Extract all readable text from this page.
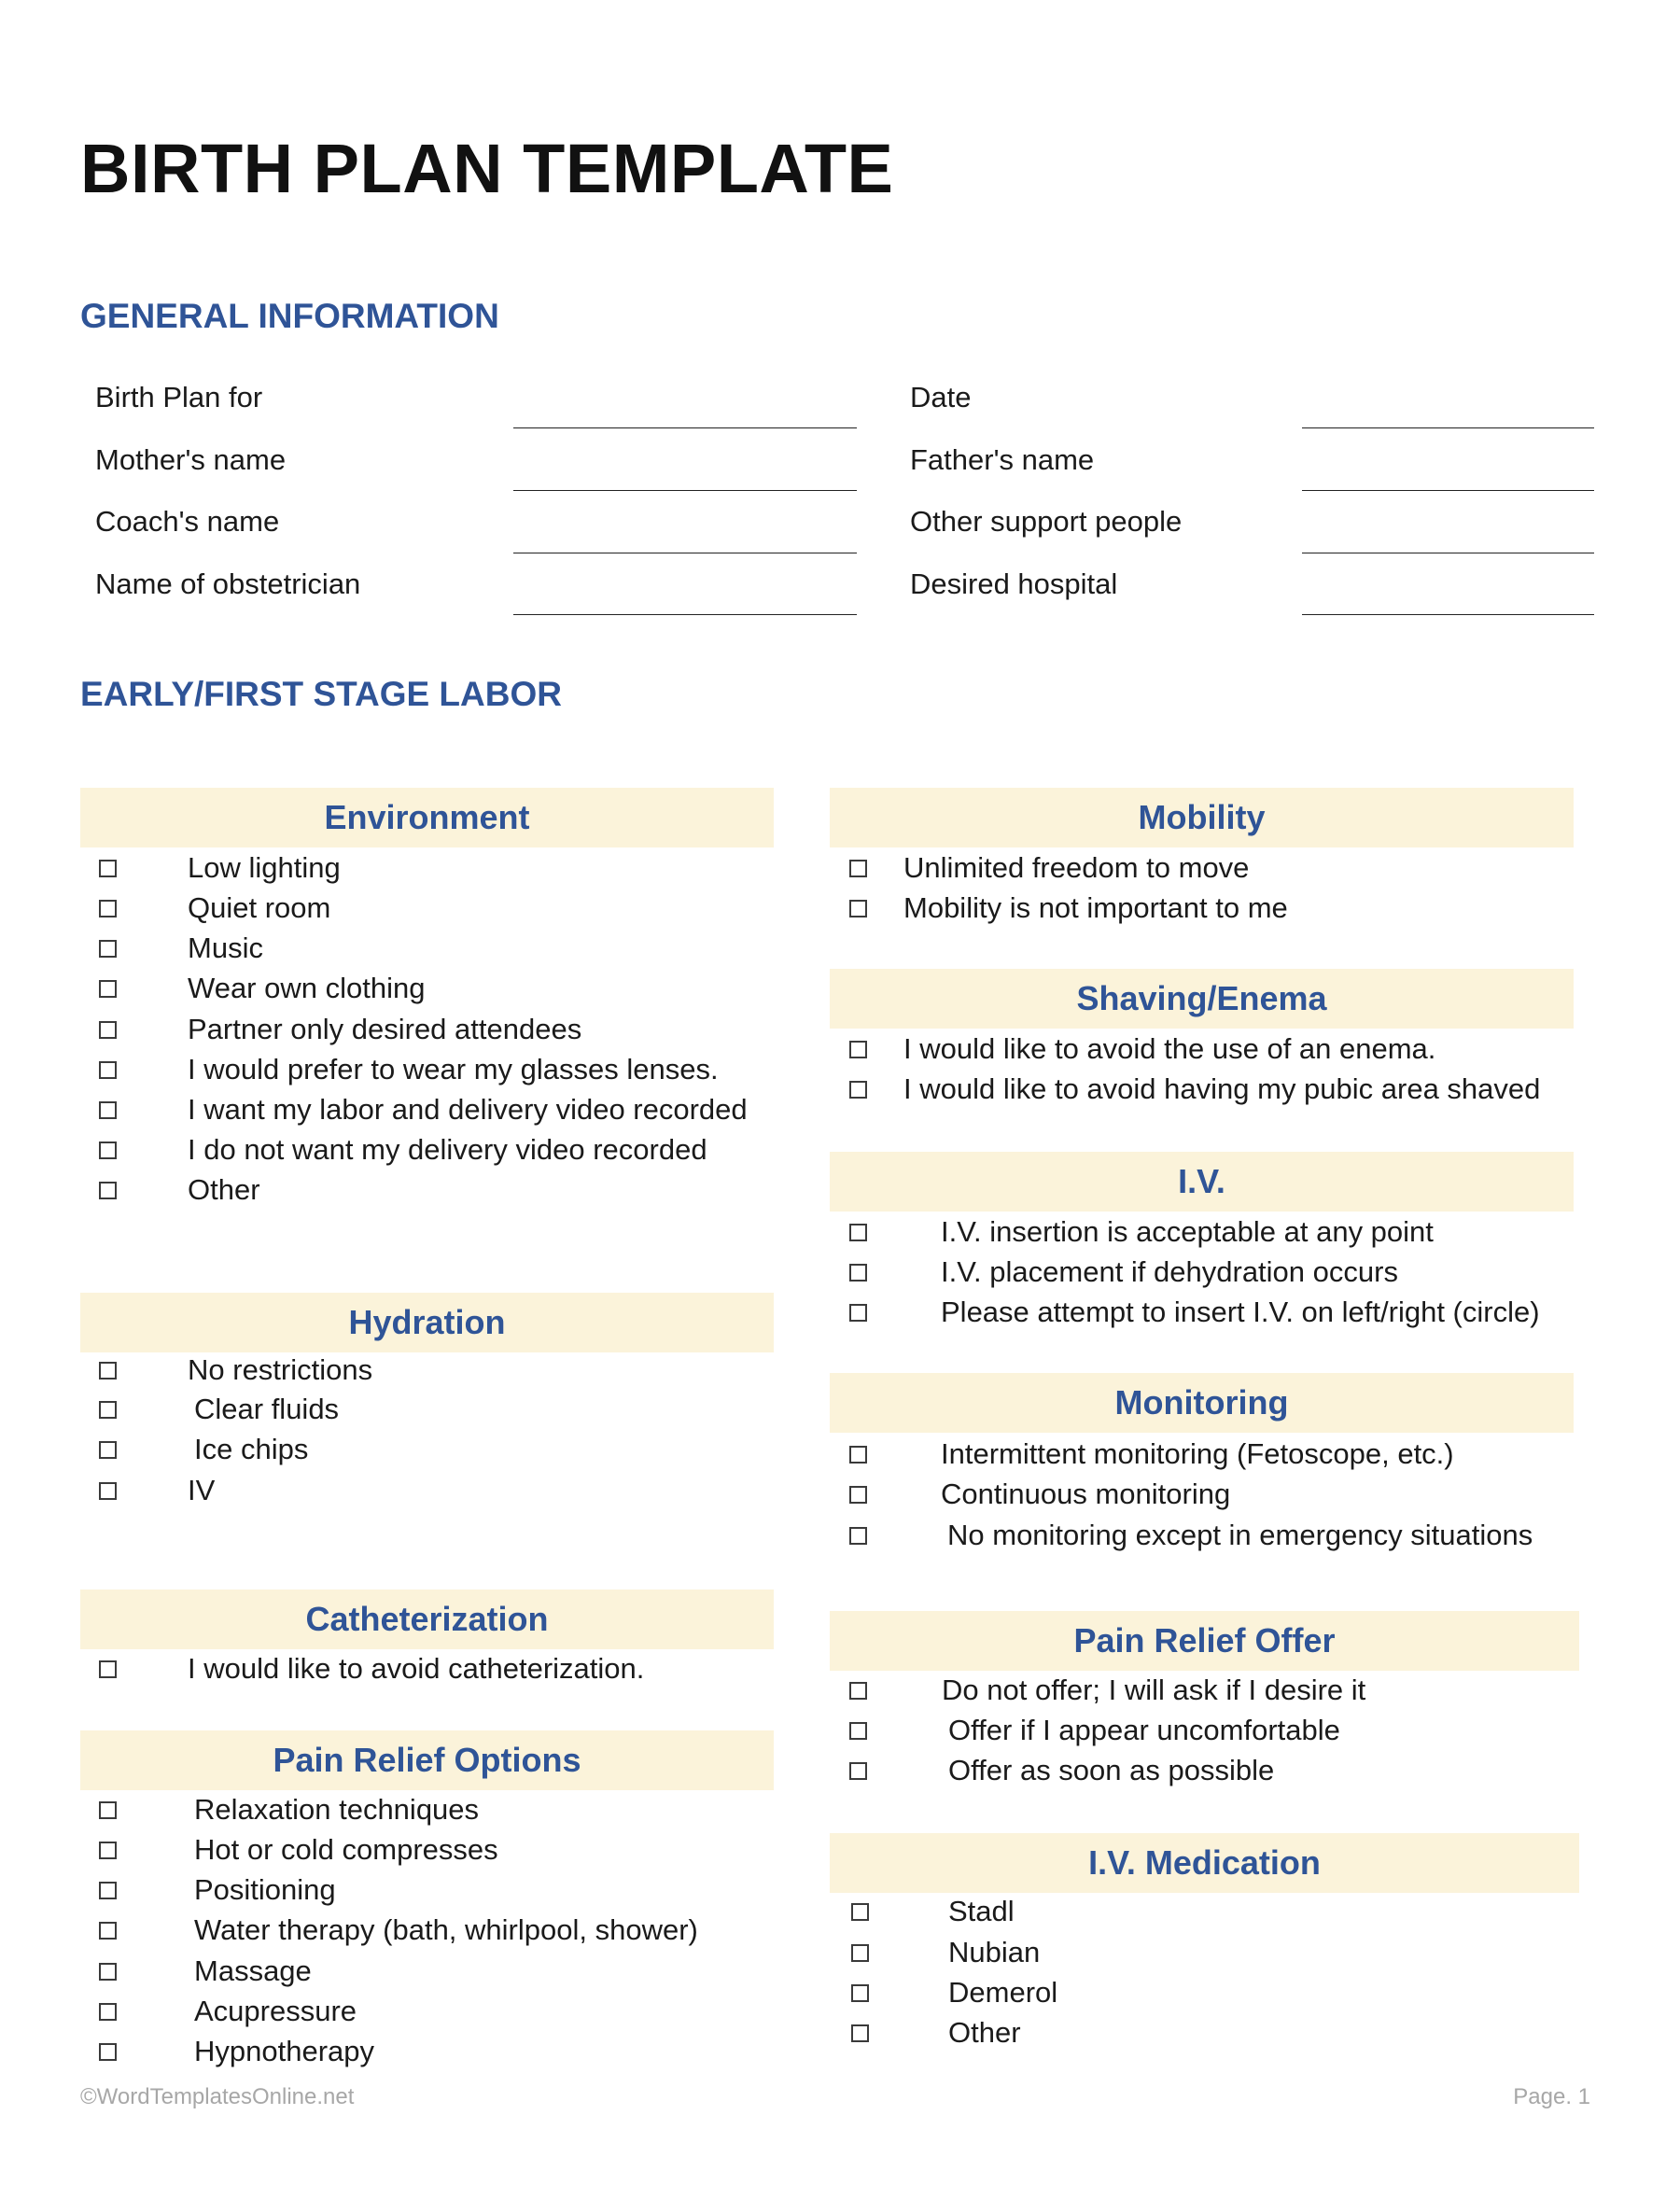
BIRTH PLAN TEMPLATE
GENERAL INFORMATION
Birth Plan for
Mother's name
Coach's name
Name of obstetrician
Date
Father's name
Other support people
Desired hospital
EARLY/FIRST STAGE LABOR
Environment
Low lighting
Quiet room
Music
Wear own clothing
Partner only desired attendees
I would prefer to wear my glasses lenses.
I want my labor and delivery video recorded
I do not want my delivery video recorded
Other
Hydration
No restrictions
Clear fluids
Ice chips
IV
Catheterization
I would like to avoid catheterization.
Pain Relief Options
Relaxation techniques
Hot or cold compresses
Positioning
Water therapy (bath, whirlpool, shower)
Massage
Acupressure
Hypnotherapy
Mobility
Unlimited freedom to move
Mobility is not important to me
Shaving/Enema
I would like to avoid the use of an enema.
I would like to avoid having my pubic area shaved
I.V.
I.V. insertion is acceptable at any point
I.V. placement if dehydration occurs
Please attempt to insert I.V. on left/right (circle)
Monitoring
Intermittent monitoring (Fetoscope, etc.)
Continuous monitoring
No monitoring except in emergency situations
Pain Relief Offer
Do not offer; I will ask if I desire it
Offer if I appear uncomfortable
Offer as soon as possible
I.V. Medication
Stadl
Nubian
Demerol
Other
©WordTemplatesOnline.net	Page. 1
